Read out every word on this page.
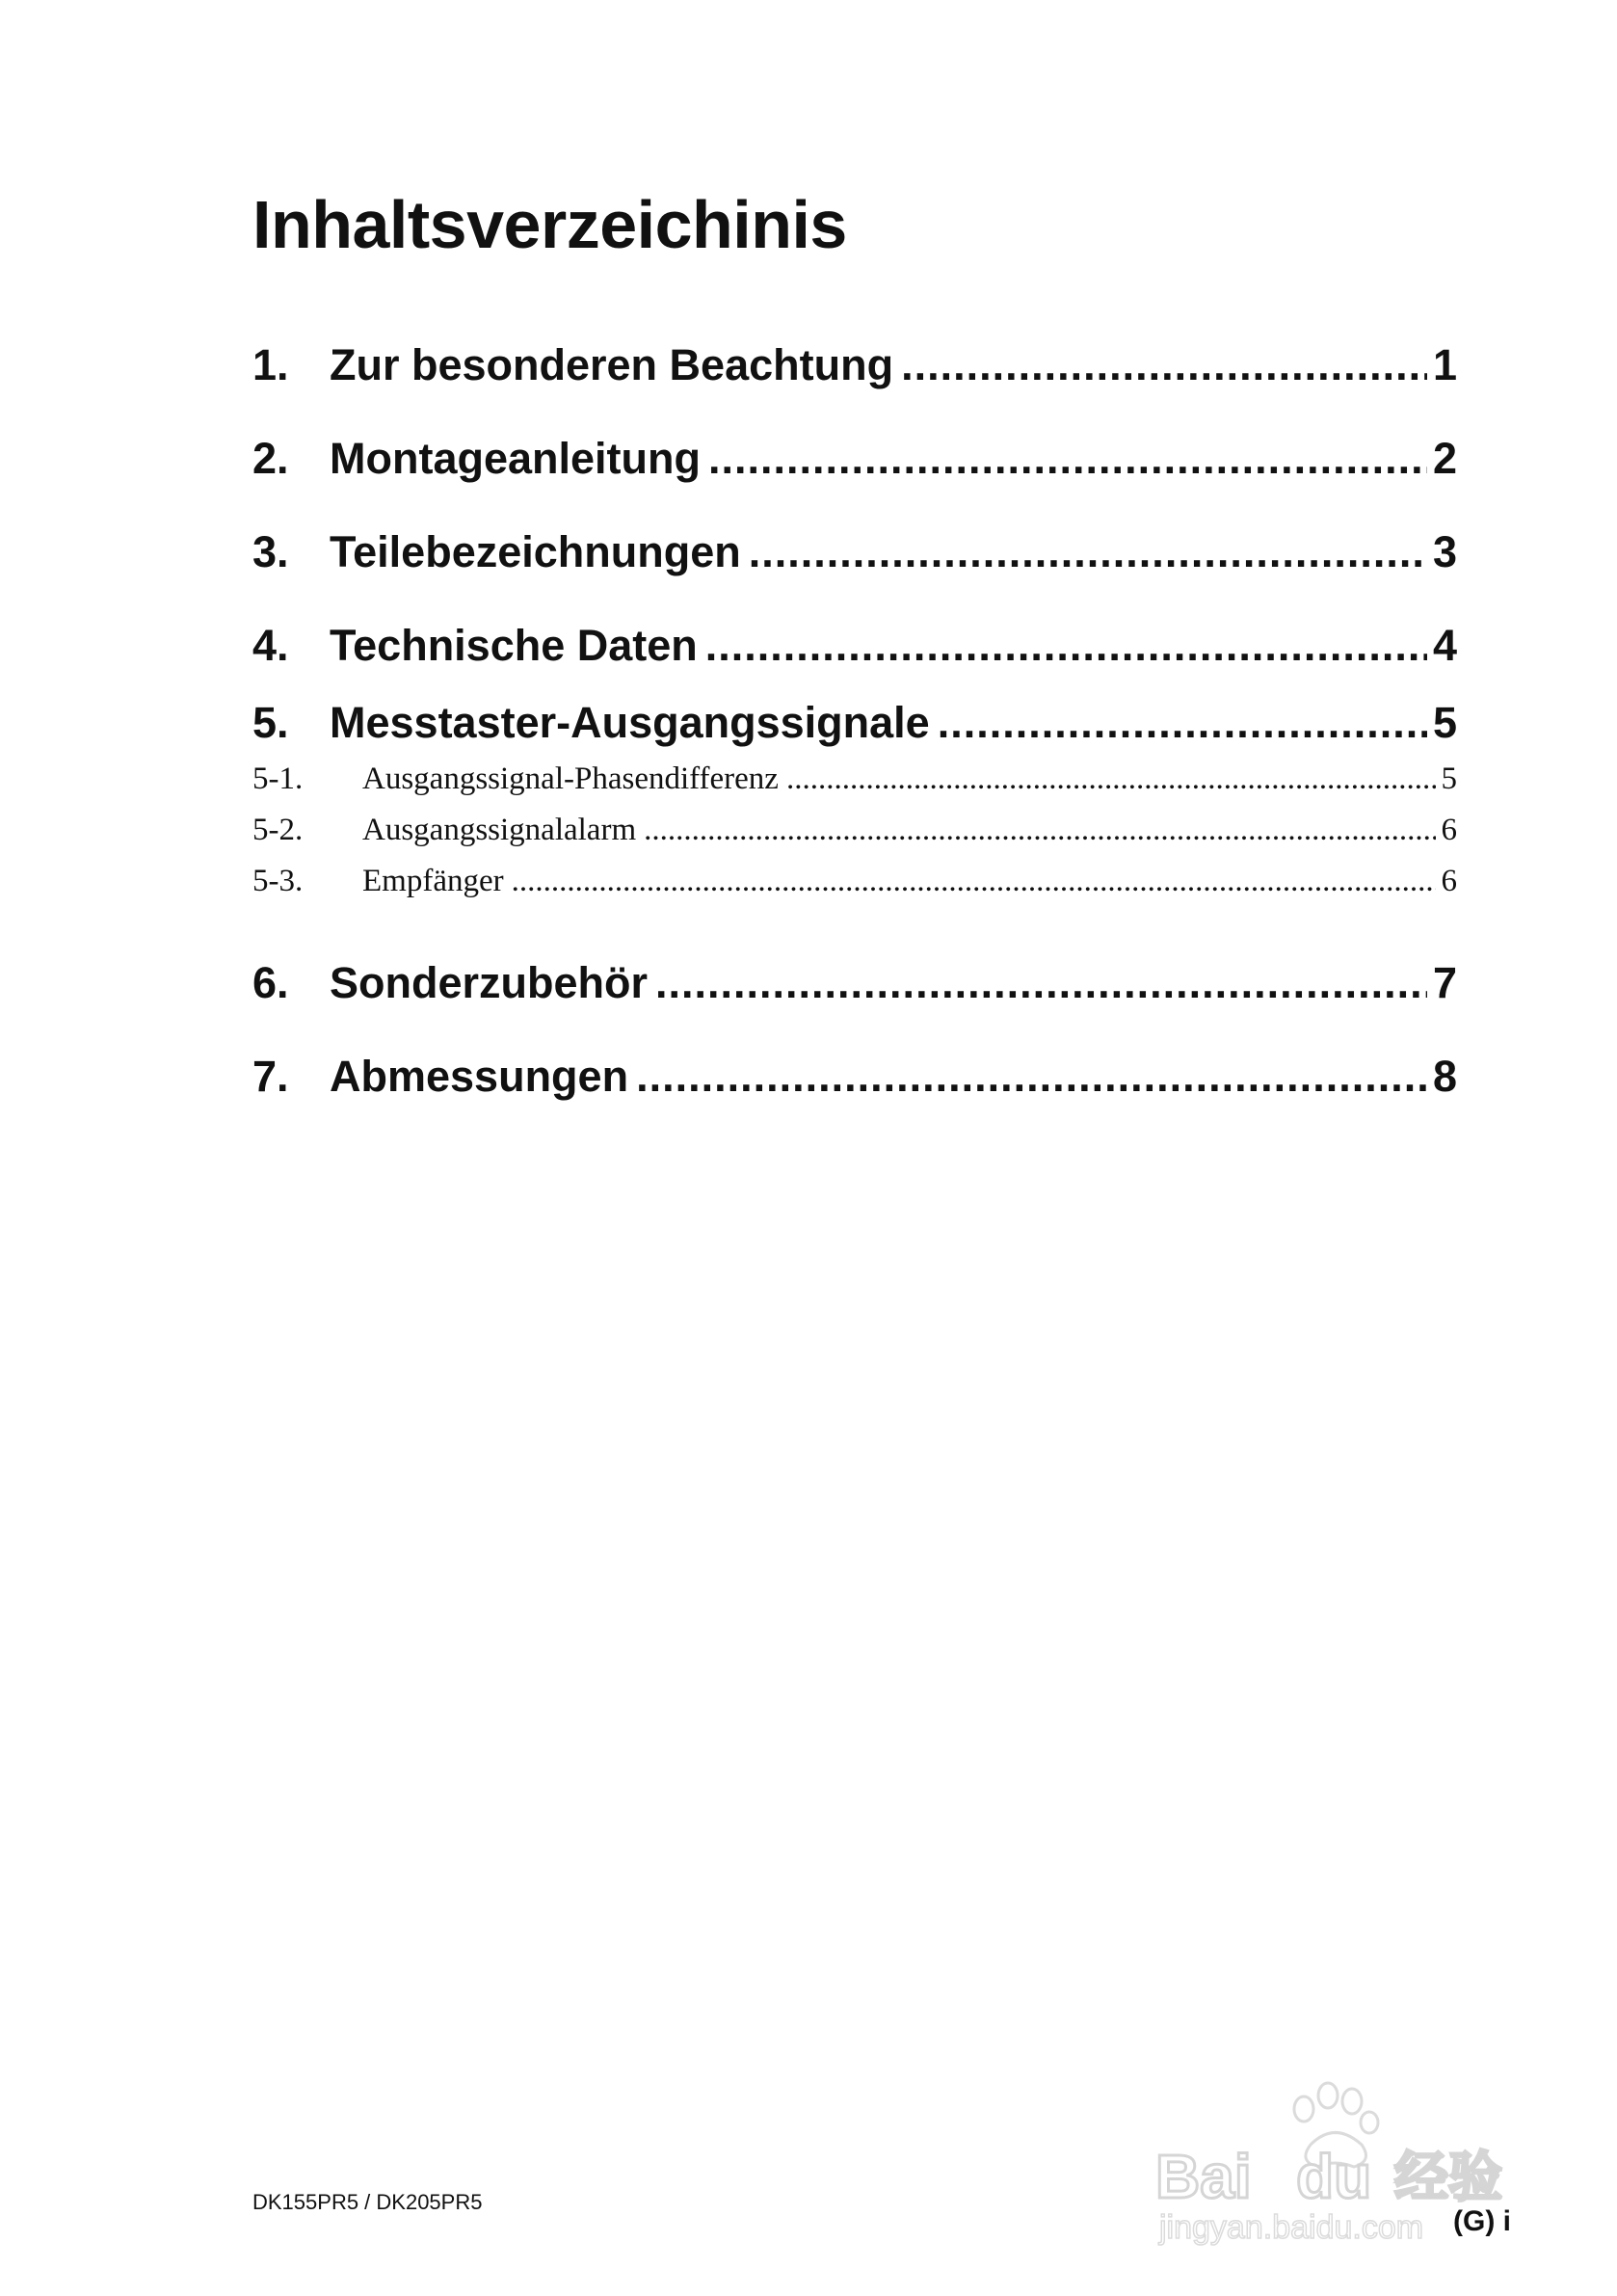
Inhaltsverzeichinis
1. Zur besonderen Beachtung .....	1
2. Montageanleitung .....	2
3. Teilebezeichnungen .....	3
4. Technische Daten .....	4
5. Messtaster-Ausgangssignale .....	5
5-1.	Ausgangssignal-Phasendifferenz .....	5
5-2.	Ausgangssignalalarm .....	6
5-3.	Empfänger .....	6
6. Sonderzubehör .....	7
7. Abmessungen .....	8
Bai du 经验
jingyan.baidu.com
DK155PR5 / DK205PR5
(G) i
